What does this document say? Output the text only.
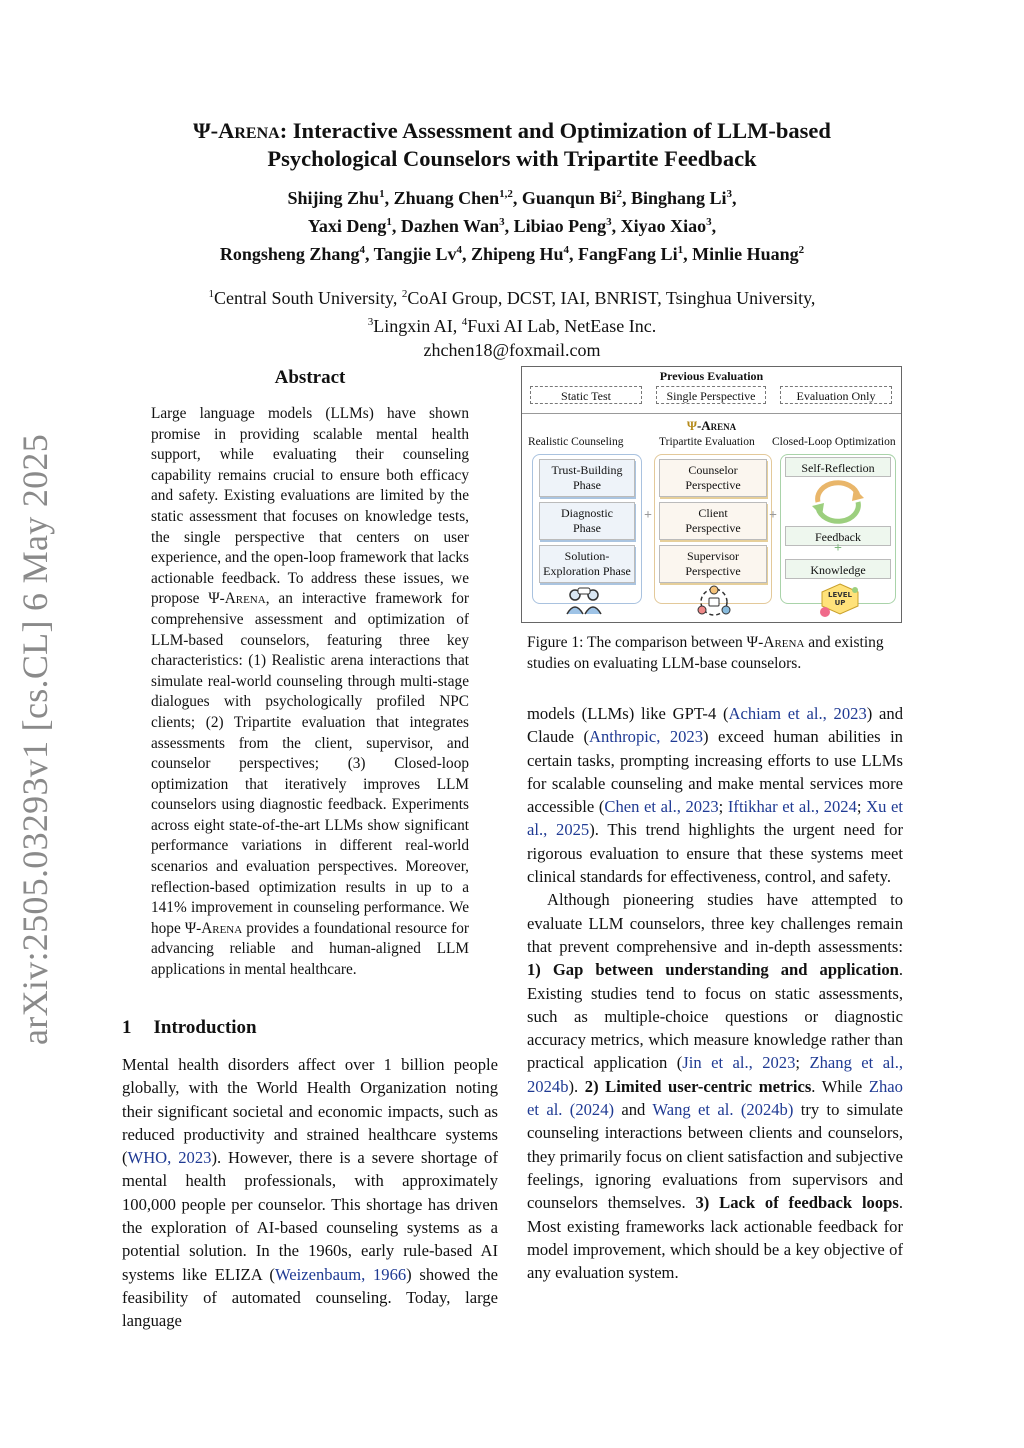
arXiv:2505.03293v1 [cs.CL] 6 May 2025
Ψ-Arena: Interactive Assessment and Optimization of LLM-based
Psychological Counselors with Tripartite Feedback
Shijing Zhu$^1$, Zhuang Chen$^{1,2}$, Guanqun Bi$^2$, Binghang Li$^3$,
Yaxi Deng$^1$, Dazhen Wan$^3$, Libiao Peng$^3$, Xiyao Xiao$^3$,
Rongsheng Zhang$^4$, Tangjie Lv$^4$, Zhipeng Hu$^4$, FangFang Li$^1$, Minlie Huang$^2$
$^1$Central South University, $^2$CoAI Group, DCST, IAI, BNRIST, Tsinghua University,
$^3$Lingxin AI, $^4$Fuxi AI Lab, NetEase Inc.
zhchen18@foxmail.com
Abstract
Large language models (LLMs) have shown promise in providing scalable mental health support, while evaluating their counseling capability remains crucial to ensure both efficacy and safety. Existing evaluations are limited by the static assessment that focuses on knowledge tests, the single perspective that centers on user experience, and the open-loop framework that lacks actionable feedback. To address these issues, we propose Ψ-Arena, an interactive framework for comprehensive assessment and optimization of LLM-based counselors, featuring three key characteristics: (1) Realistic arena interactions that simulate real-world counseling through multi-stage dialogues with psychologically profiled NPC clients; (2) Tripartite evaluation that integrates assessments from the client, supervisor, and counselor perspectives; (3) Closed-loop optimization that iteratively improves LLM counselors using diagnostic feedback. Experiments across eight state-of-the-art LLMs show significant performance variations in different real-world scenarios and evaluation perspectives. Moreover, reflection-based optimization results in up to a 141% improvement in counseling performance. We hope Ψ-Arena provides a foundational resource for advancing reliable and human-aligned LLM applications in mental healthcare.
1 Introduction
Mental health disorders affect over 1 billion people globally, with the World Health Organization noting their significant societal and economic impacts, such as reduced productivity and strained healthcare systems (WHO, 2023). However, there is a severe shortage of mental health professionals, with approximately 100,000 people per counselor. This shortage has driven the exploration of AI-based counseling systems as a potential solution. In the 1960s, early rule-based AI systems like ELIZA (Weizenbaum, 1966) showed the feasibility of automated counseling. Today, large language
Previous Evaluation
Static Test	Single Perspective	Evaluation Only
Ψ-Arena
Realistic Counseling	Tripartite Evaluation Closed-Loop Optimization
Trust-Building
Phase
Diagnostic
Phase
Solution-
Exploration Phase
+
Counselor
Perspective
Client
Perspective
Supervisor
Perspective
+
Self-Reflection
Feedback
+
Knowledge
LEVEL
UP
Figure 1: The comparison between Ψ-Arena and existing studies on evaluating LLM-base counselors.

models (LLMs) like GPT-4 (Achiam et al., 2023) and Claude (Anthropic, 2023) exceed human abilities in certain tasks, prompting increasing efforts to use LLMs for scalable counseling and make mental services more accessible (Chen et al., 2023; Iftikhar et al., 2024; Xu et al., 2025). This trend highlights the urgent need for rigorous evaluation to ensure that these systems meet clinical standards for effectiveness, control, and safety.

Although pioneering studies have attempted to evaluate LLM counselors, three key challenges remain that prevent comprehensive and in-depth assessments: 1) Gap between understanding and application. Existing studies tend to focus on static assessments, such as multiple-choice questions or diagnostic accuracy metrics, which measure knowledge rather than practical application (Jin et al., 2023; Zhang et al., 2024b). 2) Limited user-centric metrics. While Zhao et al. (2024) and Wang et al. (2024b) try to simulate counseling interactions between clients and counselors, they primarily focus on client satisfaction and subjective feelings, ignoring evaluations from supervisors and counselors themselves. 3) Lack of feedback loops. Most existing frameworks lack actionable feedback for model improvement, which should be a key objective of any evaluation system.
